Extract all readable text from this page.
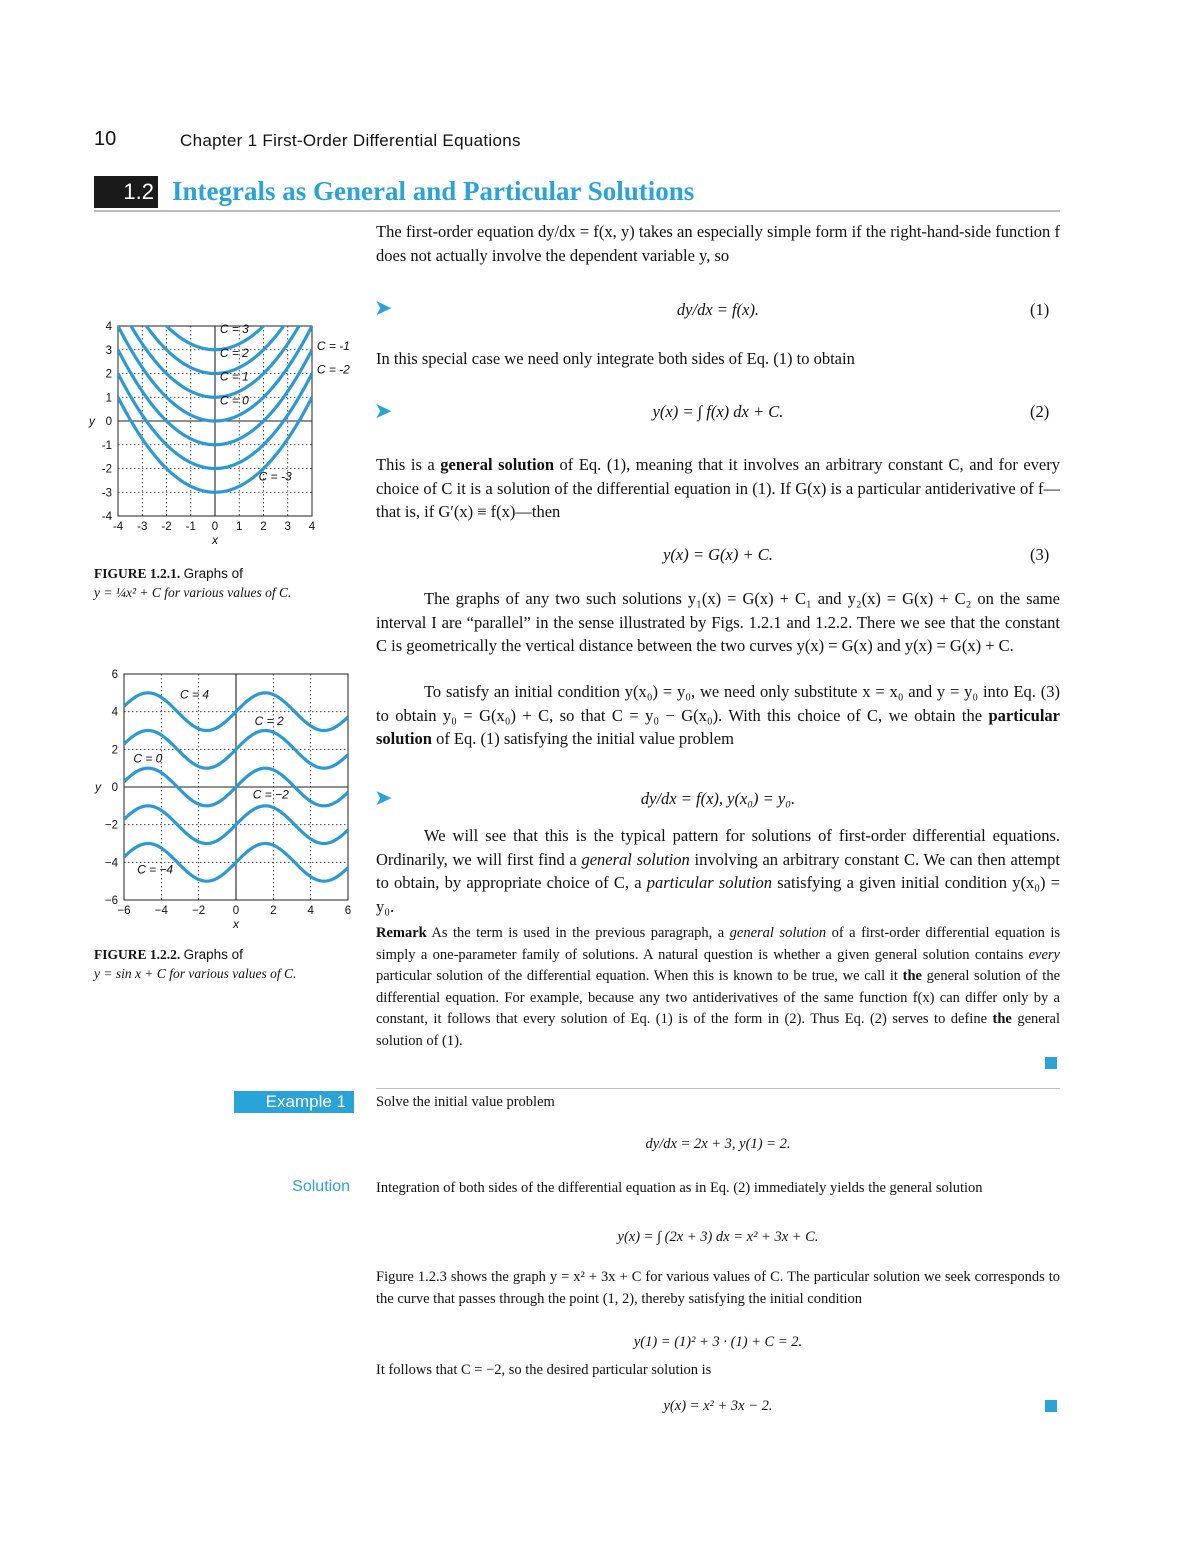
10	Chapter 1 First-Order Differential Equations
1.2 Integrals as General and Particular Solutions
The first-order equation dy/dx = f(x, y) takes an especially simple form if the right-hand-side function f does not actually involve the dependent variable y, so
➤	dy/dx = f(x).	(1)
In this special case we need only integrate both sides of Eq. (1) to obtain
➤	y(x) = ∫ f(x) dx + C.	(2)
This is a general solution of Eq. (1), meaning that it involves an arbitrary constant C, and for every choice of C it is a solution of the differential equation in (1). If G(x) is a particular antiderivative of f—that is, if G′(x) ≡ f(x)—then
y(x) = G(x) + C.	(3)
The graphs of any two such solutions y₁(x) = G(x) + C₁ and y₂(x) = G(x) + C₂ on the same interval I are “parallel” in the sense illustrated by Figs. 1.2.1 and 1.2.2. There we see that the constant C is geometrically the vertical distance between the two curves y(x) = G(x) and y(x) = G(x) + C.
To satisfy an initial condition y(x₀) = y₀, we need only substitute x = x₀ and y = y₀ into Eq. (3) to obtain y₀ = G(x₀) + C, so that C = y₀ − G(x₀). With this choice of C, we obtain the particular solution of Eq. (1) satisfying the initial value problem
➤	dy/dx = f(x), y(x₀) = y₀.
We will see that this is the typical pattern for solutions of first-order differential equations. Ordinarily, we will first find a general solution involving an arbitrary constant C. We can then attempt to obtain, by appropriate choice of C, a particular solution satisfying a given initial condition y(x₀) = y₀.
Remark As the term is used in the previous paragraph, a general solution of a first-order differential equation is simply a one-parameter family of solutions. A natural question is whether a given general solution contains every particular solution of the differential equation. When this is known to be true, we call it the general solution of the differential equation. For example, because any two antiderivatives of the same function f(x) can differ only by a constant, it follows that every solution of Eq. (1) is of the form in (2). Thus Eq. (2) serves to define the general solution of (1).
Example 1	Solve the initial value problem
dy/dx = 2x + 3, y(1) = 2.
Solution Integration of both sides of the differential equation as in Eq. (2) immediately yields the general solution
y(x) = ∫ (2x + 3) dx = x² + 3x + C.
Figure 1.2.3 shows the graph y = x² + 3x + C for various values of C. The particular solution we seek corresponds to the curve that passes through the point (1, 2), thereby satisfying the initial condition
y(1) = (1)² + 3 · (1) + C = 2.
It follows that C = −2, so the desired particular solution is
y(x) = x² + 3x − 2.
-4 -3 -2 -1 0 1 2 3 4
-4
-3
-2
-1
0
1
2
3
4
x
y
C = 3
C = 2
C = 1
C = 0
C = -1
C = -2
C = -3
FIGURE 1.2.1. Graphs of
y = ¼x² + C for various values of C.
−6 −4 −2 0	2	4	6
−6
−4
−2
0
2
4
6
x
y
C = 4
C = 2
C = 0
C = −2
C = −4
FIGURE 1.2.2. Graphs of
y = sin x + C for various values of C.
